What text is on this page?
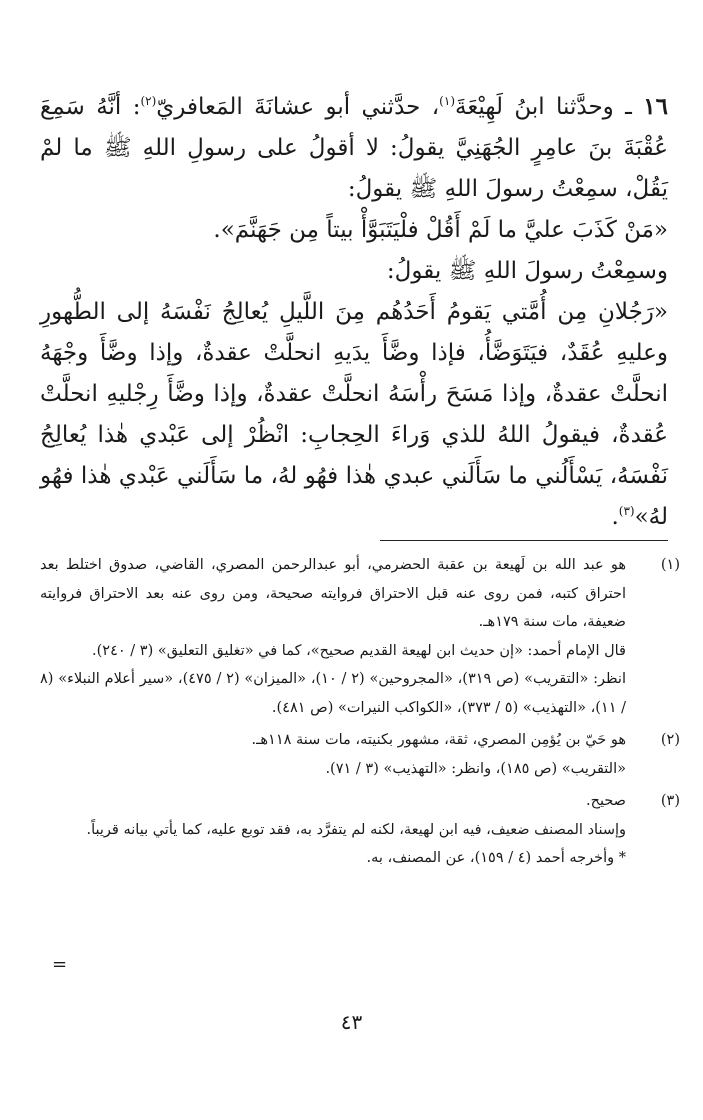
١٦ ـ وحدَّثنا ابنُ لَهِيْعَةَ$^{(١)}$، حدَّثني أبو عشانَةَ المَعافريّ$^{(٢)}$: أنَّهُ سَمِعَ عُقْبَةَ بنَ عامِرٍ الجُهَنِيَّ يقولُ: لا أقولُ على رسولِ اللهِ ﷺ ما لمْ يَقُلْ، سمِعْتُ رسولَ اللهِ ﷺ يقولُ:

«مَنْ كَذَبَ عليَّ ما لَمْ أَقُلْ فلْيَتَبَوَّأْ بيتاً مِن جَهَنَّمَ».

وسمِعْتُ رسولَ اللهِ ﷺ يقولُ:

«رَجُلانِ مِن أُمَّتي يَقومُ أَحَدُهُم مِنَ اللَّيلِ يُعالِجُ نَفْسَهُ إلى الطُّهورِ وعليهِ عُقَدٌ، فيَتَوَضَّأُ، فإذا وضَّأَ يدَيهِ انحلَّتْ عقدةٌ، وإذا وضَّأَ وجْهَهُ انحلَّتْ عقدةٌ، وإذا مَسَحَ رأْسَهُ انحلَّتْ عقدةٌ، وإذا وضَّأَ رِجْليهِ انحلَّتْ عُقدةٌ، فيقولُ اللهُ للذي وَراءَ الحِجابِ: انْظُرْ إلى عَبْدي هٰذا يُعالِجُ نَفْسَهُ، يَسْأَلُني ما سَأَلَني عبدي هٰذا فهُو لهُ، ما سَأَلَني عَبْدي هٰذا فهُو لهُ»$^{(٣)}$.

(١)

هو عبد الله بن لَهيعة بن عقبة الحضرمي، أبو عبدالرحمن المصري، القاضي، صدوق اختلط بعد احتراق كتبه، فمن روى عنه قبل الاحتراق فروايته صحيحة، ومن روى عنه بعد الاحتراق فروايته ضعيفة، مات سنة ١٧٩هـ.

قال الإمام أحمد: «إن حديث ابن لهيعة القديم صحيح»، كما في «تغليق التعليق» (٣ / ٢٤٠).

انظر: «التقريب» (ص ٣١٩)، «المجروحين» (٢ / ١٠)، «الميزان» (٢ / ٤٧٥)، «سير أعلام النبلاء» (٨ / ١١)، «التهذيب» (٥ / ٣٧٣)، «الكواكب النيرات» (ص ٤٨١).

(٢)

هو حَيّ بن يُؤمِن المصري، ثقة، مشهور بكنيته، مات سنة ١١٨هـ.

«التقريب» (ص ١٨٥)، وانظر: «التهذيب» (٣ / ٧١).

(٣)

صحيح.

وإسناد المصنف ضعيف، فيه ابن لهيعة، لكنه لم يتفرَّد به، فقد توبع عليه، كما يأتي بيانه قريباً.

* وأخرجه أحمد (٤ / ١٥٩)، عن المصنف، به.

=
٤٣
